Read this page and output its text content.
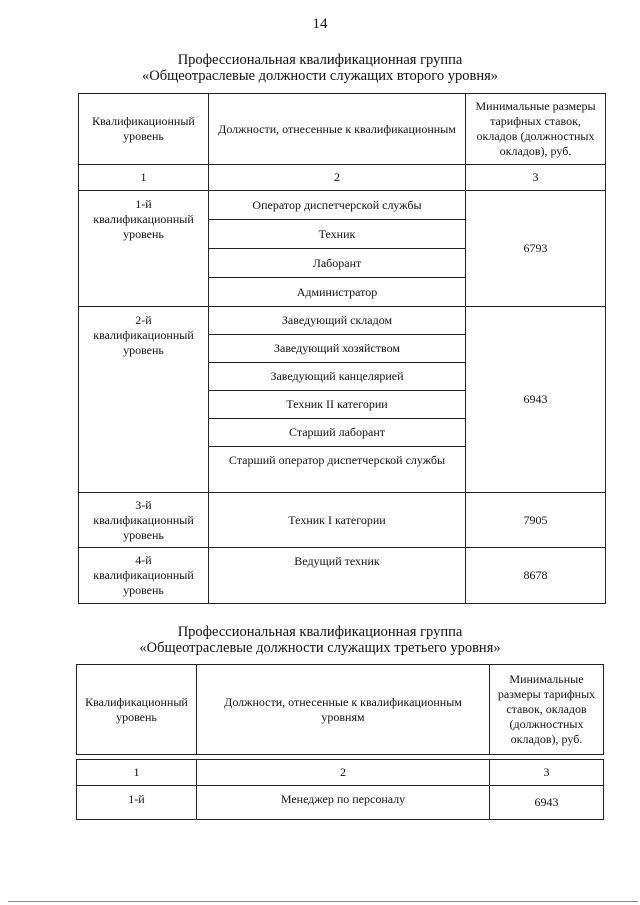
14
Профессиональная квалификационная группа
«Общеотраслевые должности служащих второго уровня»
Квалификационный уровень	Должности, отнесенные к квалификационным	Минимальные размеры тарифных ставок, окладов (должностных окладов), руб.
1	2	3
1-й квалификационный уровень	Оператор диспетчерской службы	6793
	Техник	
	Лаборант	
	Администратор	
2-й квалификационный уровень	Заведующий складом	6943
	Заведующий хозяйством	
	Заведующий канцелярией	
	Техник II категории	
	Старший лаборант	
	Старший оператор диспетчерской службы	
3-й квалификационный уровень	Техник I категории	7905
4-й квалификационный уровень	Ведущий техник	8678
Профессиональная квалификационная группа
«Общеотраслевые должности служащих третьего уровня»
Квалификационный уровень	Должности, отнесенные к квалификационным уровням	Минимальные размеры тарифных ставок, окладов (должностных окладов), руб.

1	2	3
1-й	Менеджер по персоналу	6943
